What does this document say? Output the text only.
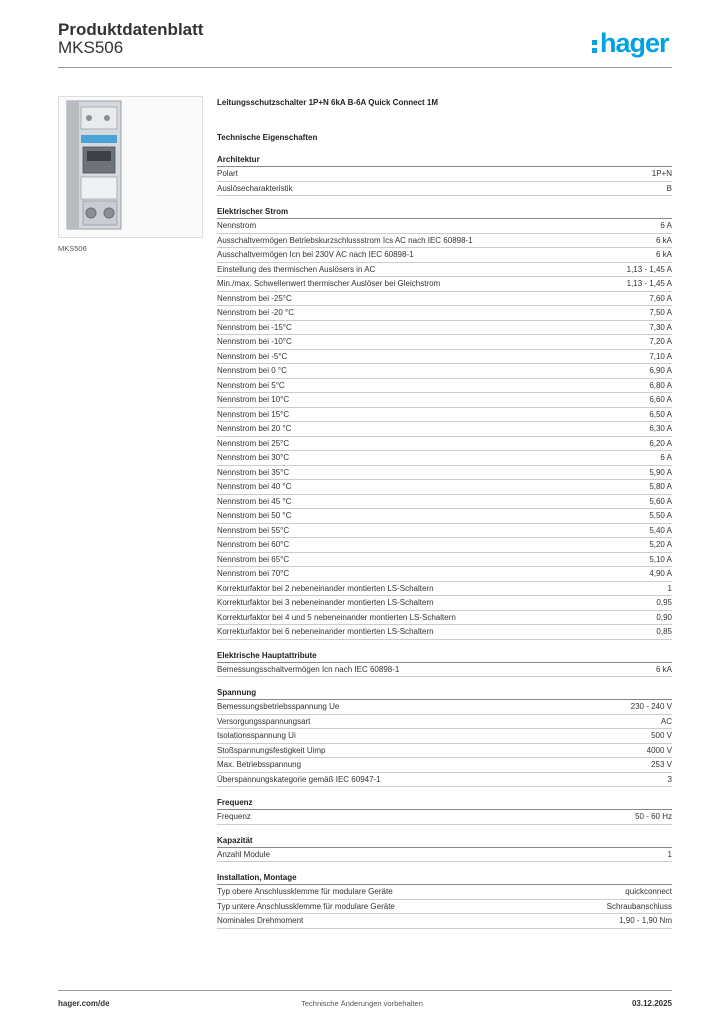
Produktdatenblatt
MKS506	hager
MKS506
Leitungsschutzschalter 1P+N 6kA B-6A Quick Connect 1M
Technische Eigenschaften
Architektur
Polart	1P+N
Auslösecharakteristik	B
Elektrischer Strom
Nennstrom	6 A
Ausschaltvermögen Betriebskurzschlussstrom Ics AC nach IEC 60898-1	6 kA
Ausschaltvermögen Icn bei 230V AC nach IEC 60898-1	6 kA
Einstellung des thermischen Auslösers in AC	1,13 - 1,45 A
Min./max. Schwellenwert thermischer Auslöser bei Gleichstrom	1,13 - 1,45 A
Nennstrom bei -25°C	7,60 A
Nennstrom bei -20 °C	7,50 A
Nennstrom bei -15°C	7,30 A
Nennstrom bei -10°C	7,20 A
Nennstrom bei -5°C	7,10 A
Nennstrom bei 0 °C	6,90 A
Nennstrom bei 5°C	6,80 A
Nennstrom bei 10°C	6,60 A
Nennstrom bei 15°C	6,50 A
Nennstrom bei 20 °C	6,30 A
Nennstrom bei 25°C	6,20 A
Nennstrom bei 30°C	6 A
Nennstrom bei 35°C	5,90 A
Nennstrom bei 40 °C	5,80 A
Nennstrom bei 45 °C	5,60 A
Nennstrom bei 50 °C	5,50 A
Nennstrom bei 55°C	5,40 A
Nennstrom bei 60°C	5,20 A
Nennstrom bei 65°C	5,10 A
Nennstrom bei 70°C	4,90 A
Korrekturfaktor bei 2 nebeneinander montierten LS-Schaltern	1
Korrekturfaktor bei 3 nebeneinander montierten LS-Schaltern	0,95
Korrekturfaktor bei 4 und 5 nebeneinander montierten LS-Schaltern	0,90
Korrekturfaktor bei 6 nebeneinander montierten LS-Schaltern	0,85
Elektrische Hauptattribute
Bemessungsschaltvermögen Icn nach IEC 60898-1	6 kA
Spannung
Bemessungsbetriebsspannung Ue	230 - 240 V
Versorgungsspannungsart	AC
Isolationsspannung Ui	500 V
Stoßspannungsfestigkeit Uimp	4000 V
Max. Betriebsspannung	253 V
Überspannungskategorie gemäß IEC 60947-1	3
Frequenz
Frequenz	50 - 60 Hz
Kapazität
Anzahl Module	1
Installation, Montage
Typ obere Anschlussklemme für modulare Geräte	quickconnect
Typ untere Anschlussklemme für modulare Geräte	Schraubanschluss
Nominales Drehmoment	1,90 - 1,90 Nm
hager.com/de	Technische Änderungen vorbehalten	03.12.2025
